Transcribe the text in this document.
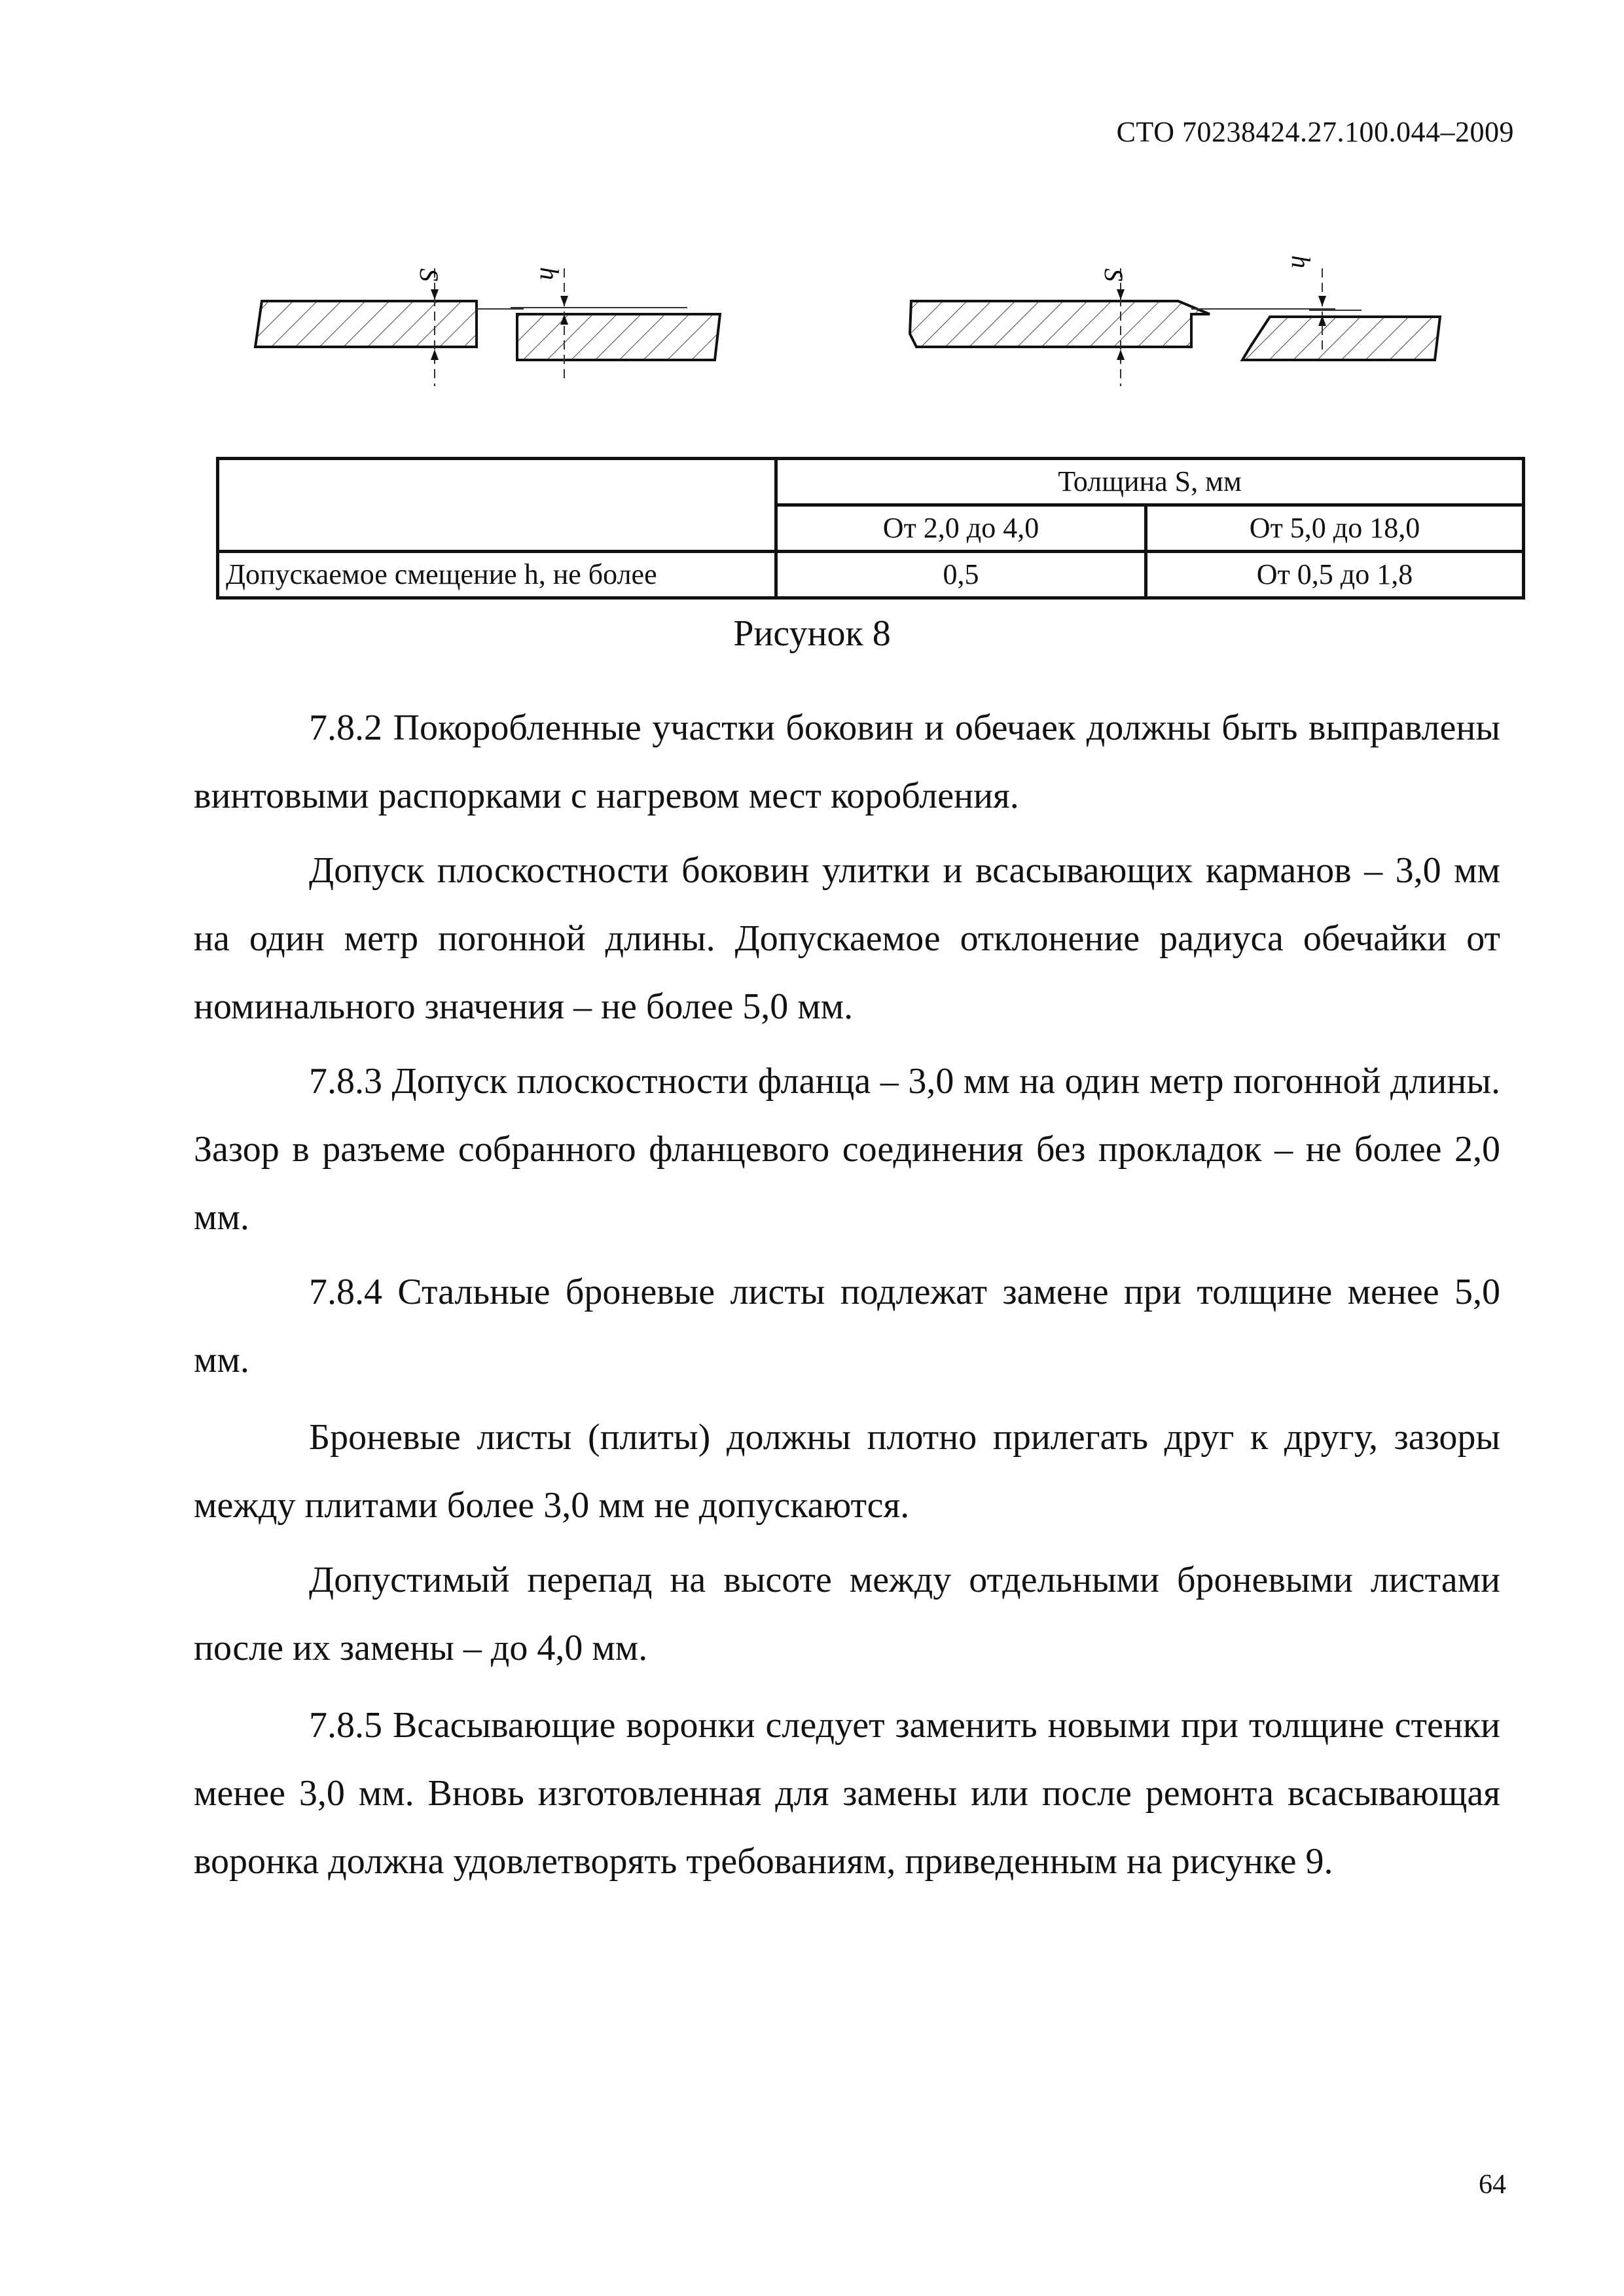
СТО 70238424.27.100.044–2009
S	h	S
h
	Толщина S, мм	
	От 2,0 до 4,0	От 5,0 до 18,0
Допускаемое смещение h, не более	0,5	От 0,5 до 1,8
Рисунок 8
7.8.2 Покоробленные участки боковин и обечаек должны быть выправлены винтовыми распорками с нагревом мест коробления.
Допуск плоскостности боковин улитки и всасывающих карманов – 3,0 мм на один метр погонной длины. Допускаемое отклонение радиуса обечайки от номинального значения – не более 5,0 мм.
7.8.3 Допуск плоскостности фланца – 3,0 мм на один метр погонной длины. Зазор в разъеме собранного фланцевого соединения без прокладок – не более 2,0 мм.
7.8.4 Стальные броневые листы подлежат замене при толщине менее 5,0 мм.
Броневые листы (плиты) должны плотно прилегать друг к другу, зазоры между плитами более 3,0 мм не допускаются.
Допустимый перепад на высоте между отдельными броневыми листами после их замены – до 4,0 мм.
7.8.5 Всасывающие воронки следует заменить новыми при толщине стенки менее 3,0 мм. Вновь изготовленная для замены или после ремонта всасывающая воронка должна удовлетворять требованиям, приведенным на рисунке 9.
64
